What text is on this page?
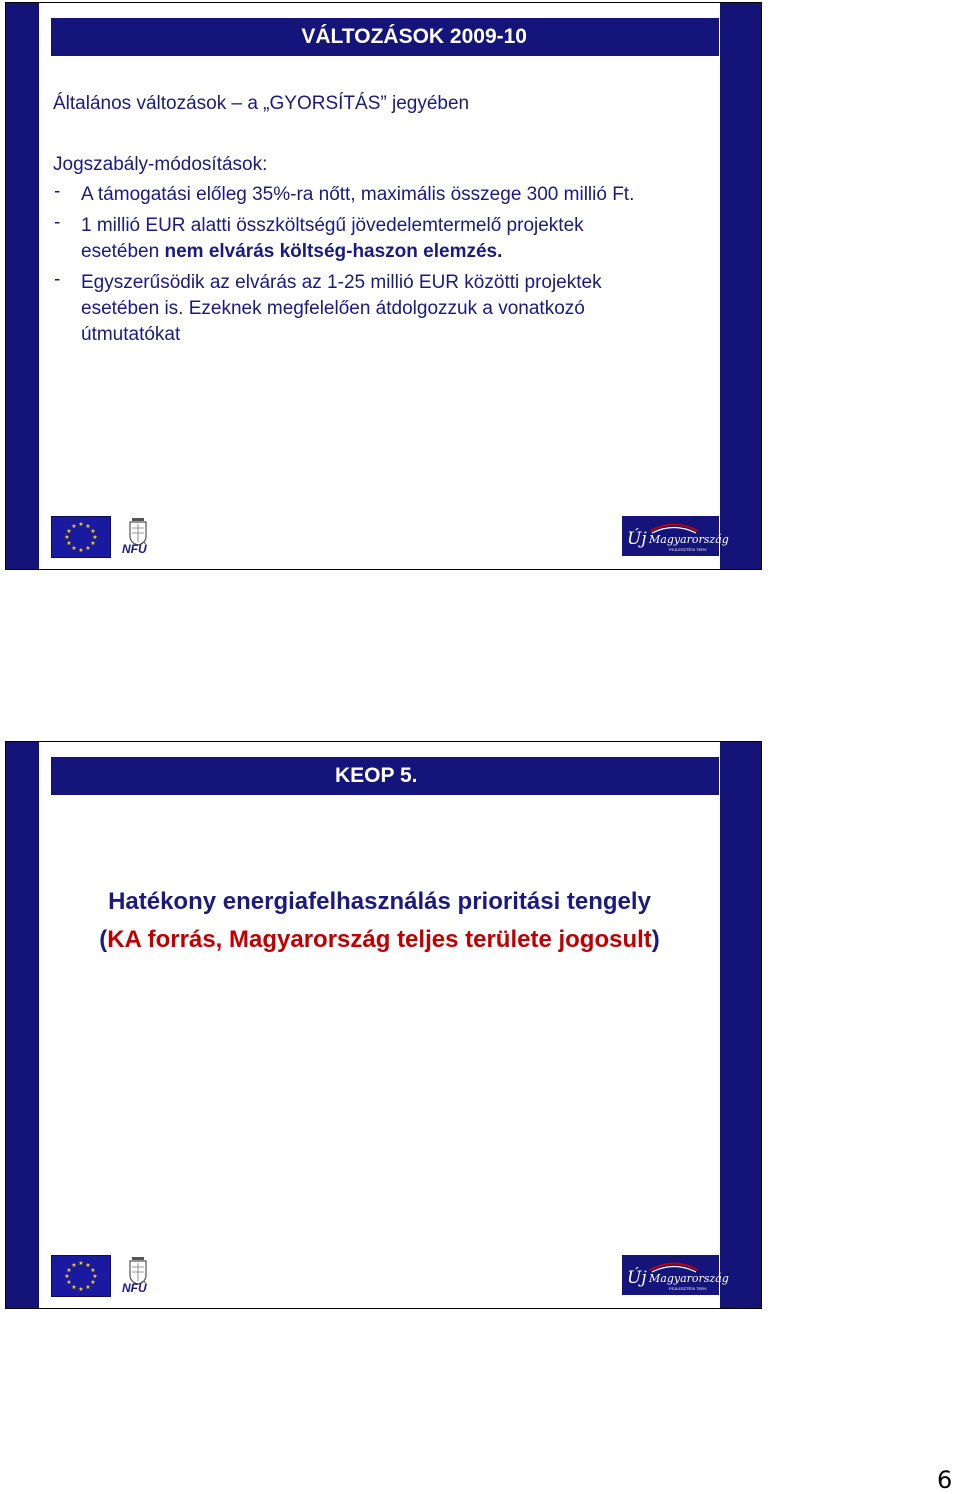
VÁLTOZÁSOK 2009-10
Általános változások – a „GYORSÍTÁS” jegyében
Jogszabály-módosítások:
- A támogatási előleg 35%-ra nőtt, maximális összege 300 millió Ft.
- 1 millió EUR alatti összköltségű jövedelemtermelő projektek
esetében nem elvárás költség-haszon elemzés.
- Egyszerűsödik az elvárás az 1-25 millió EUR közötti projektek
esetében is. Ezeknek megfelelően átdolgozzuk a vonatkozó
útmutatókat
★ ★
★
★
★
★
★
★
★
★
★
★
NFÜ	Új Magyarország
FEJLESZTÉSI TERV
KEOP 5.
Hatékony energiafelhasználás prioritási tengely
(KA forrás, Magyarország teljes területe jogosult)
★ ★
★
★
★
★
★
★
★
★
★
★
NFÜ	Új Magyarország
FEJLESZTÉSI TERV
6
